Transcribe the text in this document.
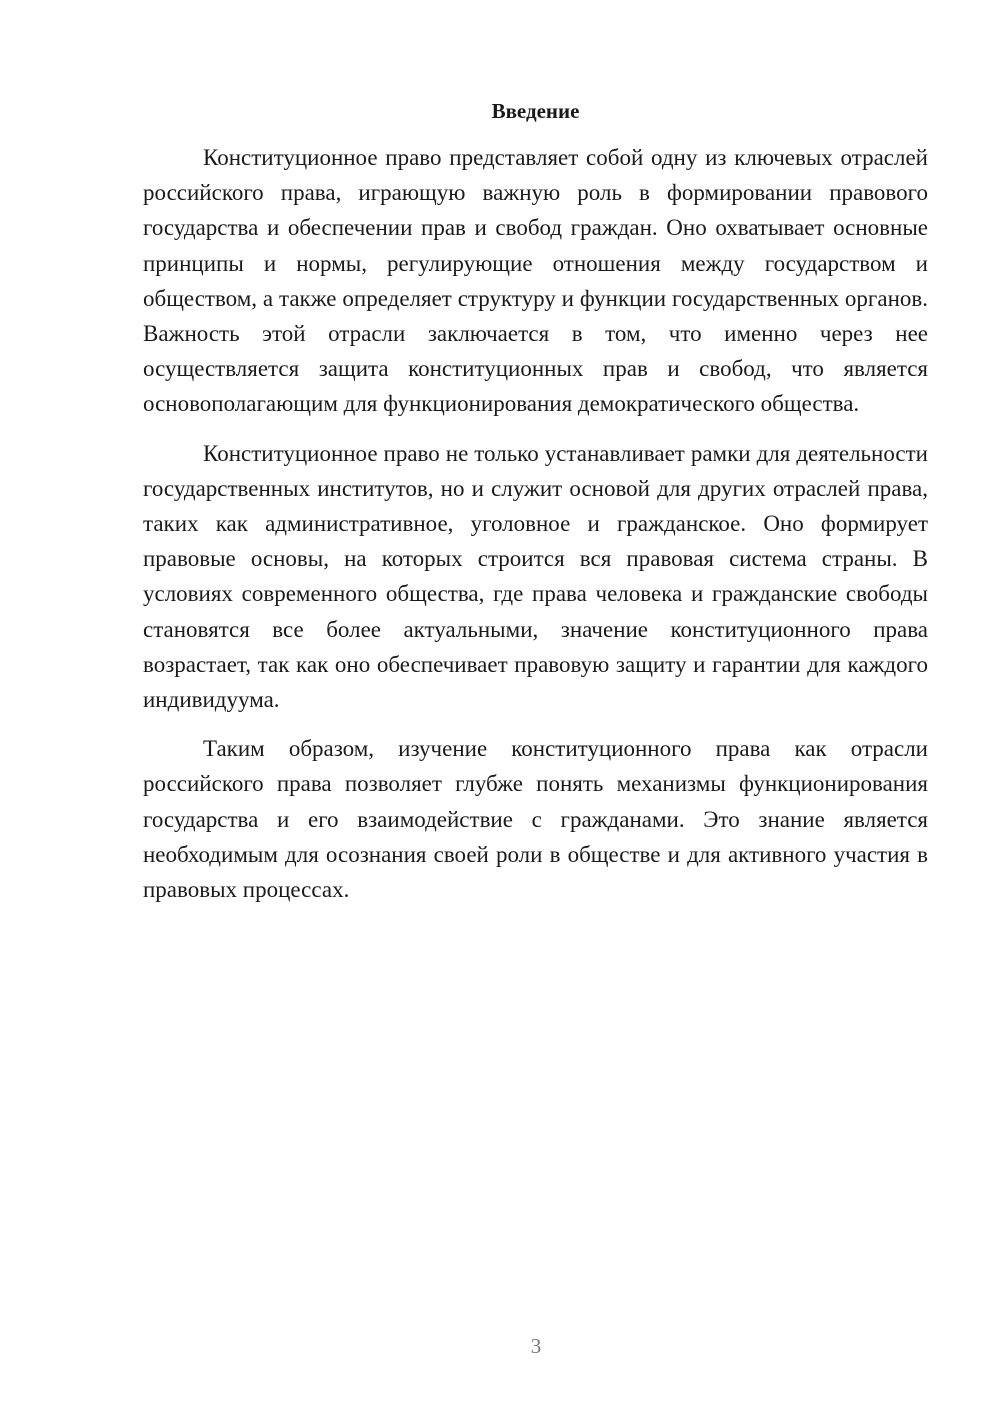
Введение

Конституционное право представляет собой одну из ключевых отраслей российского права, играющую важную роль в формировании правового государства и обеспечении прав и свобод граждан. Оно охватывает основные принципы и нормы, регулирующие отношения между государством и обществом, а также определяет структуру и функции государственных органов. Важность этой отрасли заключается в том, что именно через нее осуществляется защита конституционных прав и свобод, что является основополагающим для функционирования демократического общества.

Конституционное право не только устанавливает рамки для деятельности государственных институтов, но и служит основой для других отраслей права, таких как административное, уголовное и гражданское. Оно формирует правовые основы, на которых строится вся правовая система страны. В условиях современного общества, где права человека и гражданские свободы становятся все более актуальными, значение конституционного права возрастает, так как оно обеспечивает правовую защиту и гарантии для каждого индивидуума.

Таким образом, изучение конституционного права как отрасли российского права позволяет глубже понять механизмы функционирования государства и его взаимодействие с гражданами. Это знание является необходимым для осознания своей роли в обществе и для активного участия в правовых процессах.

3
